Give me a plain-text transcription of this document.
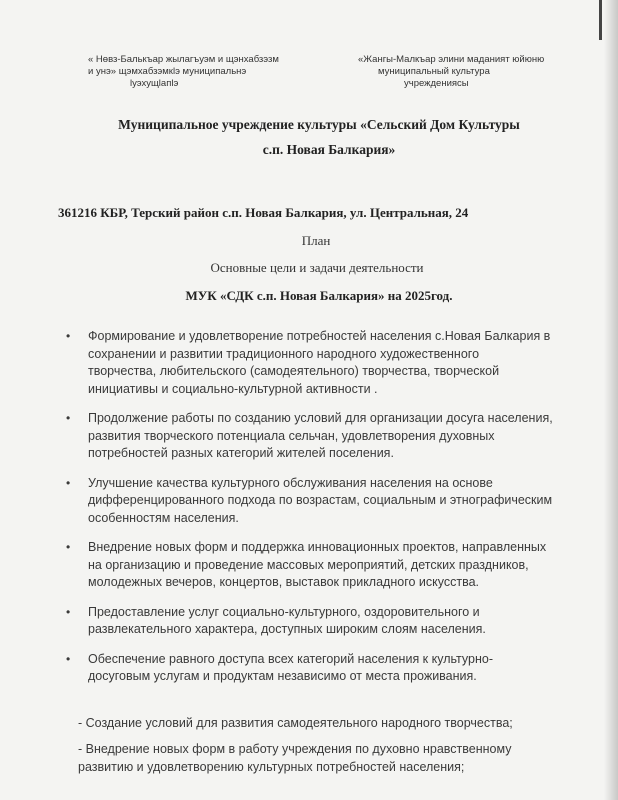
« Нөвз-Балькъар жылагъуэм и щэнхабзэзм
и унэ» щэмхабзэмкlэ муниципальнэ
lуэхущlапlэ
«Жангы-Малкъар элини маданият юйюню
муниципальный культура
учреждениясы
Муниципальное учреждение культуры «Сельский Дом Культуры
с.п. Новая Балкария»
361216 КБР, Терский район с.п. Новая Балкария, ул. Центральная, 24
План
Основные цели и задачи деятельности
МУК «СДК с.п. Новая Балкария» на 2025год.
• Формирование и удовлетворение потребностей населения с.Новая Балкария в
сохранении и развитии традиционного народного художественного
творчества, любительского (самодеятельного) творчества, творческой
инициативы и социально-культурной активности .
• Продолжение работы по созданию условий для организации досуга населения,
развития творческого потенциала сельчан, удовлетворения духовных
потребностей разных категорий жителей поселения.
• Улучшение качества культурного обслуживания населения на основе
дифференцированного подхода по возрастам, социальным и этнографическим
особенностям населения.
• Внедрение новых форм и поддержка инновационных проектов, направленных
на организацию и проведение массовых мероприятий, детских праздников,
молодежных вечеров, концертов, выставок прикладного искусства.
• Предоставление услуг социально-культурного, оздоровительного и
развлекательного характера, доступных широким слоям населения.
• Обеспечение равного доступа всех категорий населения к культурно-
досуговым услугам и продуктам независимо от места проживания.
- Создание условий для развития самодеятельного народного творчества;
- Внедрение новых форм в работу учреждения по духовно нравственному
развитию и удовлетворению культурных потребностей населения;
